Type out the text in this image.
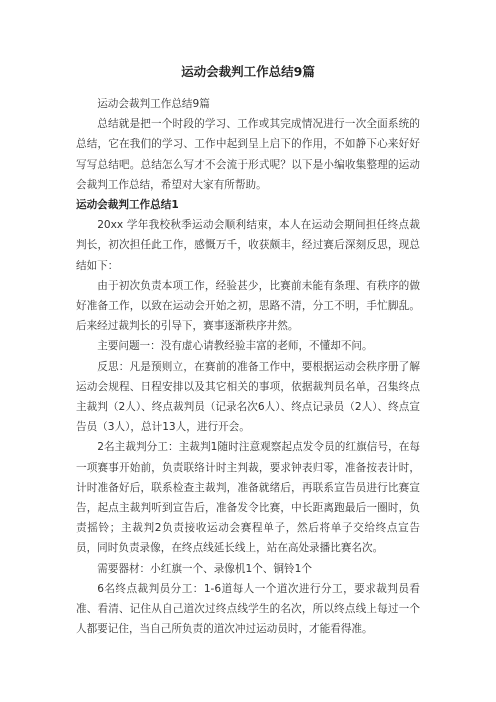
运动会裁判工作总结9篇

运动会裁判工作总结9篇

总结就是把一个时段的学习、工作或其完成情况进行一次全面系统的总结，它在我们的学习、工作中起到呈上启下的作用，不如静下心来好好写写总结吧。总结怎么写才不会流于形式呢？以下是小编收集整理的运动会裁判工作总结，希望对大家有所帮助。

运动会裁判工作总结1

20xx 学年我校秋季运动会顺利结束，本人在运动会期间担任终点裁判长，初次担任此工作，感慨万千，收获颇丰，经过赛后深刻反思，现总结如下：

由于初次负责本项工作，经验甚少，比赛前未能有条理、有秩序的做好准备工作，以致在运动会开始之初，思路不清，分工不明，手忙脚乱。后来经过裁判长的引导下，赛事逐渐秩序井然。

主要问题一：没有虚心请教经验丰富的老师，不懂却不问。

反思：凡是预则立，在赛前的准备工作中，要根据运动会秩序册了解运动会规程、日程安排以及其它相关的事项，依据裁判员名单，召集终点主裁判（2人）、终点裁判员（记录名次6人）、终点记录员（2人）、终点宣告员（3人），总计13人，进行开会。

2名主裁判分工：主裁判1随时注意观察起点发令员的红旗信号，在每一项赛事开始前，负责联络计时主判裁，要求钟表归零，准备按表计时，计时准备好后，联系检查主裁判，准备就绪后，再联系宣告员进行比赛宣告，起点主裁判听到宣告后，准备发令比赛，中长距离跑最后一圈时，负责摇铃；主裁判2负责接收运动会赛程单子，然后将单子交给终点宣告员，同时负责录像，在终点线延长线上，站在高处录播比赛名次。

需要器材：小红旗一个、录像机1个、铜铃1个

6名终点裁判员分工：1-6道每人一个道次进行分工，要求裁判员看准、看清、记住从自己道次过终点线学生的名次，所以终点线上每过一个人都要记住，当自己所负责的道次冲过运动员时，才能看得准。
